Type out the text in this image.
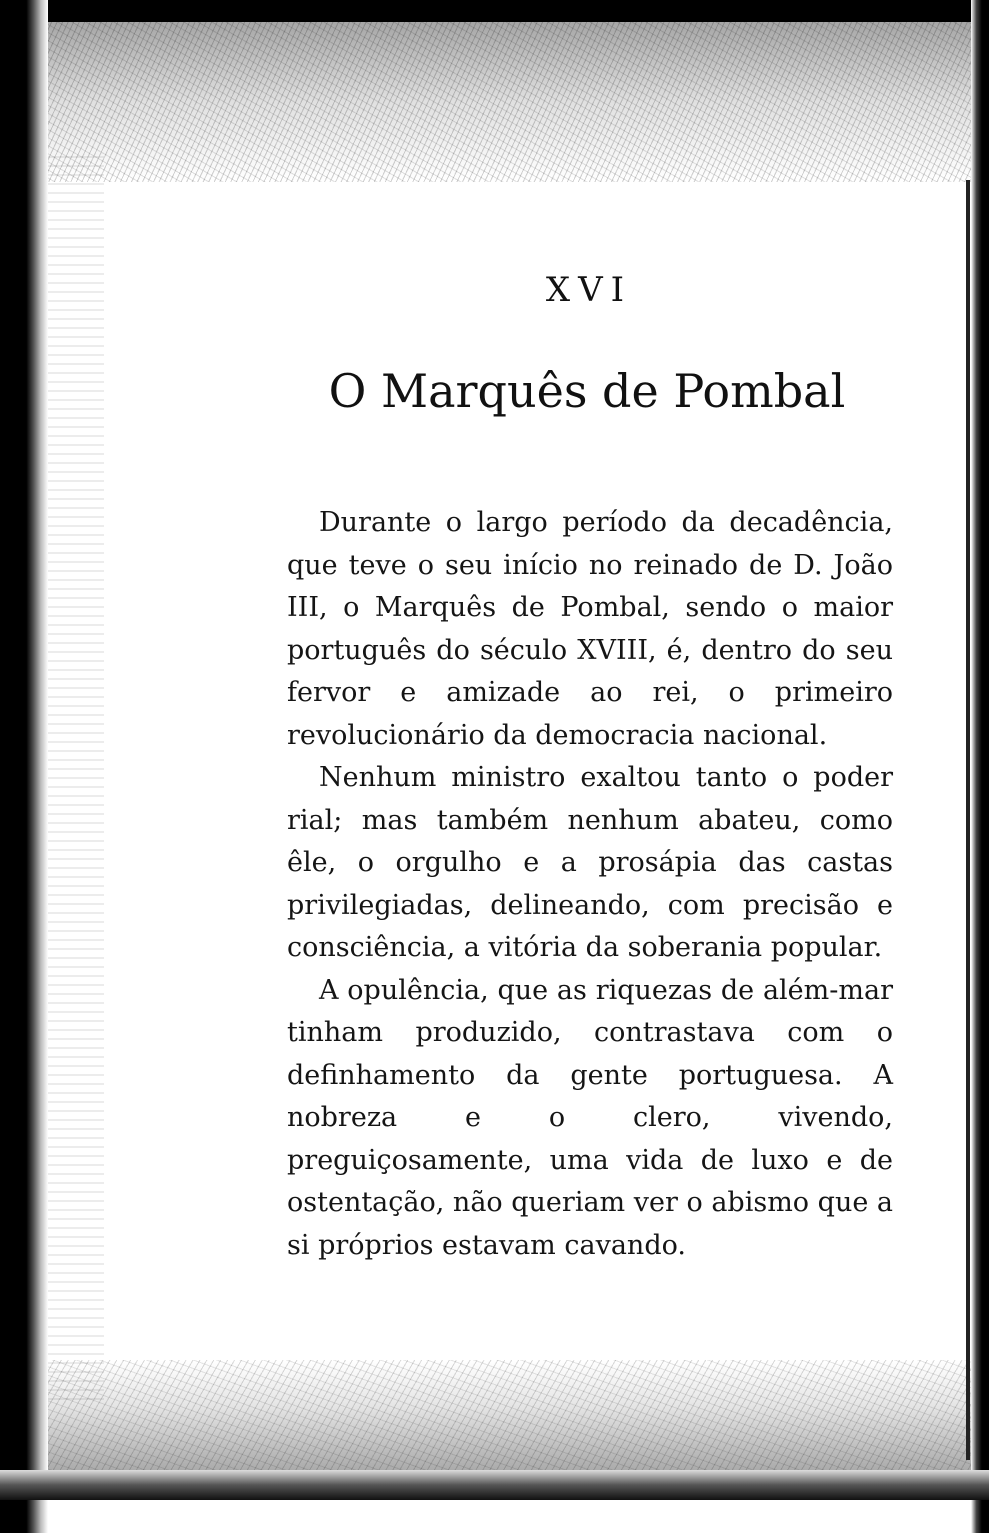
XVI
O Marquês de Pombal

Durante o largo período da decadência, que teve o seu início no reinado de D. João III, o Marquês de Pombal, sendo o maior português do século XVIII, é, dentro do seu fervor e amizade ao rei, o primeiro revolucionário da democracia nacional.

Nenhum ministro exaltou tanto o poder rial; mas também nenhum abateu, como êle, o orgulho e a prosápia das castas privilegiadas, delineando, com precisão e consciência, a vitória da soberania popular.

A opulência, que as riquezas de além-mar tinham produzido, contrastava com o definhamento da gente portuguesa. A nobreza e o clero, vivendo, preguiçosamente, uma vida de luxo e de ostentação, não queriam ver o abismo que a si próprios estavam cavando.
